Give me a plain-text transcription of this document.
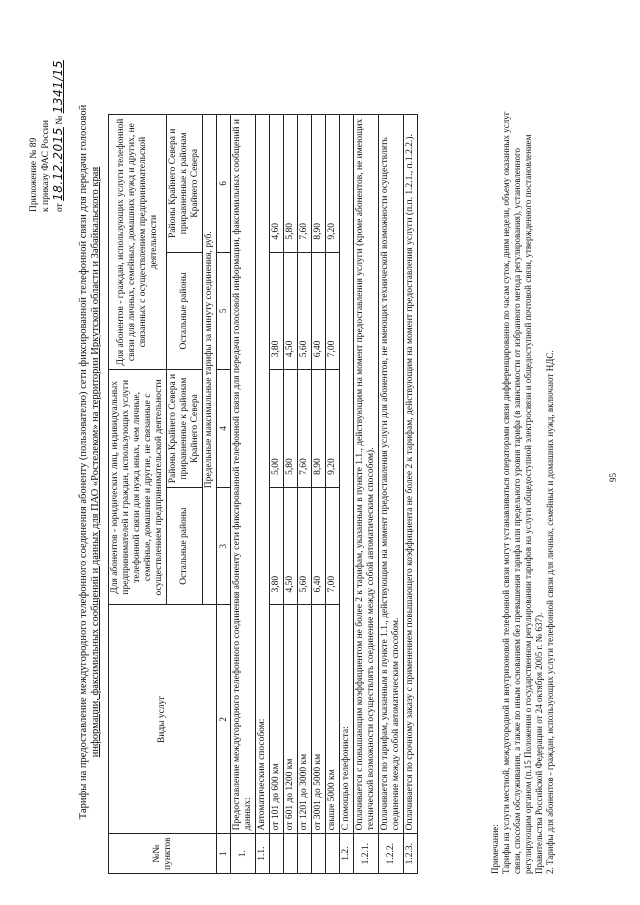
Приложение № 89 к приказу ФАС России от 18.12.2015 № 1341/15
Тарифы на предоставление междугородного телефонного соединения абоненту (пользователю) сети фиксированной телефонной связи для передачи голосовой информации, факсимильных сообщений и данных для ПАО «Ростелеком» на территории Иркутской области и Забайкальского края
№№ пунктов	Виды услуг	Для абонентов - юридических лиц, индивидуальных предпринимателей и граждан, использующих услуги телефонной связи для нужд иных, чем личные, семейные, домашние и другие, не связанные с осуществлением предпринимательской деятельности		Для абонентов - граждан, использующих услуги телефонной связи для личных, семейных, домашних нужд и других, не связанных с осуществлением предпринимательской деятельности	
		Остальные районы	Районы Крайнего Севера и приравненные к районам Крайнего Севера	Остальные районы	Районы Крайнего Севера и приравненные к районам Крайнего Севера
		Предельные максимальные тарифы за минуту соединения, руб.			
1	2	3	4	5	6
1.	Предоставление междугородного телефонного соединения абоненту сети фиксированной телефонной связи для передачи голосовой информации, факсимильных сообщений и данных:				
1.1.	Автоматическим способом:				
	от 101 до 600 км	3,80	5,00	3,80	4,60
	от 601 до 1200 км	4,50	5,80	4,50	5,80
	от 1201 до 3000 км	5,60	7,60	5,60	7,60
	от 3001 до 5000 км	6,40	8,90	6,40	8,90
	свыше 5000 км	7,00	9,20	7,00	9,20
1.2.	С помощью телефониста:				
1.2.1.	Оплачивается с повышающим коэффициентом не более 2 к тарифам, указанным в пункте 1.1., действующим на момент предоставления услуги (кроме абонентов, не имеющих технической возможности осуществлять соединение между собой автоматическим способом).				
1.2.2.	Оплачивается по тарифам, указанным в пункте 1.1., действующим на момент предоставления услуги для абонентов, не имеющих технической возможности осуществлять соединение между собой автоматическим способом.				
1.2.3.	Оплачивается по срочному заказу с применением повышающего коэффициента не более 2 к тарифам, действующим на момент предоставления услуги (п.п. 1.2.1., п.1.2.2.).				
Примечание: Тарифы на услуги местной, междугородной и внутризоновой телефонной связи могут устанавливаться операторами связи дифференцированно по часам суток, дням недели, объему оказанных услуг связи, способам обслуживания, а также по иным основаниям без превышения тарифа или предельного уровня тарифа (в зависимости от избранного метода регулирования), установленного регулирующим органом (п.15 Положения о государственном регулировании тарифов на услуги общедоступной электросвязи и общедоступной почтовой связи, утвержденного постановлением Правительства Российской Федерации от 24 октября 2005 г. № 637). 2. Тарифы для абонентов - граждан, использующих услуги телефонной связи для личных, семейных и домашних нужд, включают НДС.	95
